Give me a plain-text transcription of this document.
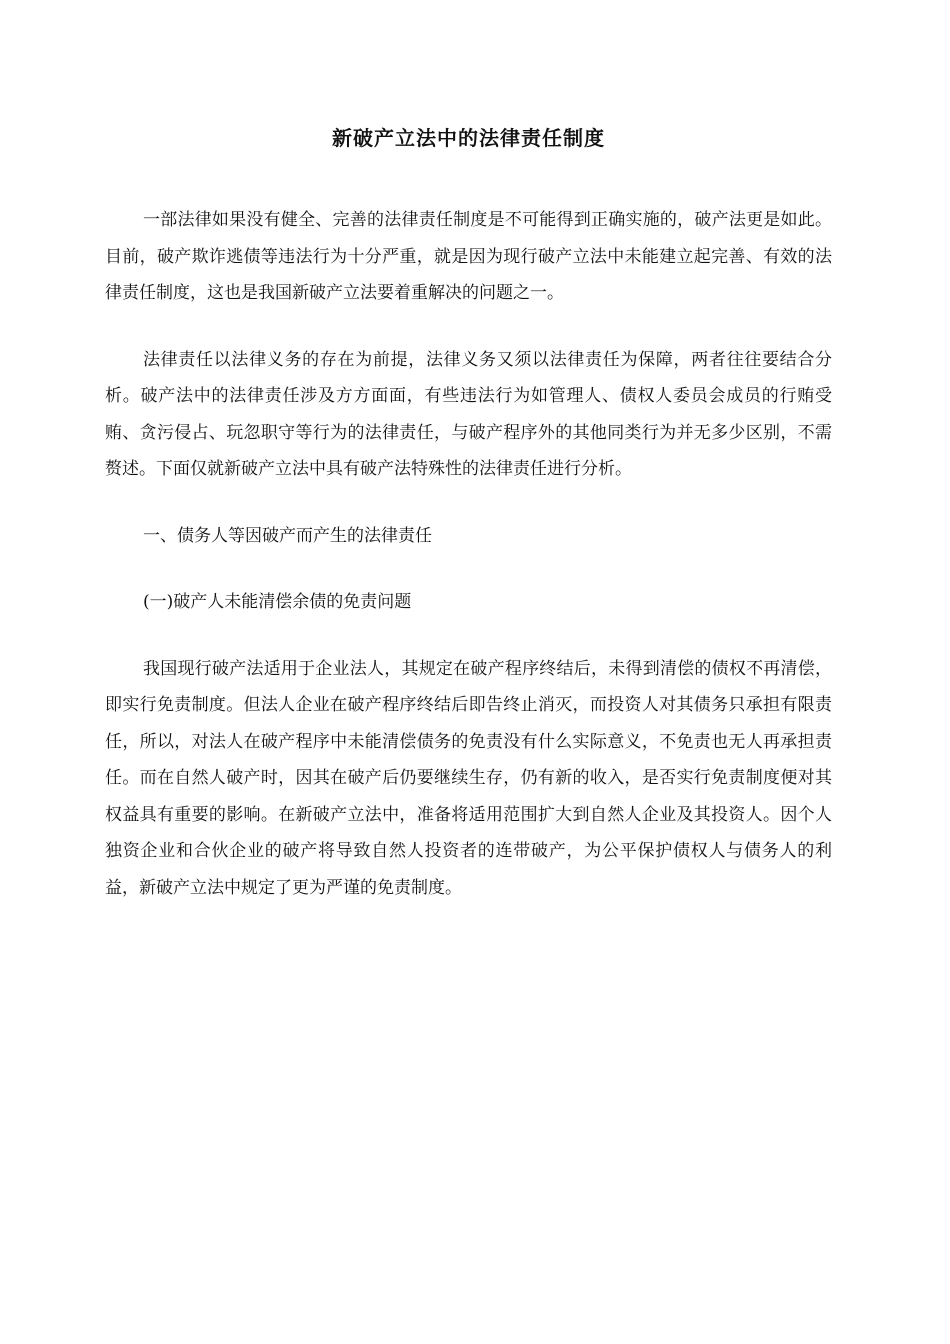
新破产立法中的法律责任制度

一部法律如果没有健全、完善的法律责任制度是不可能得到正确实施的，破产法更是如此。目前，破产欺诈逃债等违法行为十分严重，就是因为现行破产立法中未能建立起完善、有效的法律责任制度，这也是我国新破产立法要着重解决的问题之一。

法律责任以法律义务的存在为前提，法律义务又须以法律责任为保障，两者往往要结合分析。破产法中的法律责任涉及方方面面，有些违法行为如管理人、债权人委员会成员的行贿受贿、贪污侵占、玩忽职守等行为的法律责任，与破产程序外的其他同类行为并无多少区别，不需赘述。下面仅就新破产立法中具有破产法特殊性的法律责任进行分析。

一、债务人等因破产而产生的法律责任

(一)破产人未能清偿余债的免责问题

我国现行破产法适用于企业法人，其规定在破产程序终结后，未得到清偿的债权不再清偿，即实行免责制度。但法人企业在破产程序终结后即告终止消灭，而投资人对其债务只承担有限责任，所以，对法人在破产程序中未能清偿债务的免责没有什么实际意义，不免责也无人再承担责任。而在自然人破产时，因其在破产后仍要继续生存，仍有新的收入，是否实行免责制度便对其权益具有重要的影响。在新破产立法中，准备将适用范围扩大到自然人企业及其投资人。因个人独资企业和合伙企业的破产将导致自然人投资者的连带破产，为公平保护债权人与债务人的利益，新破产立法中规定了更为严谨的免责制度。
